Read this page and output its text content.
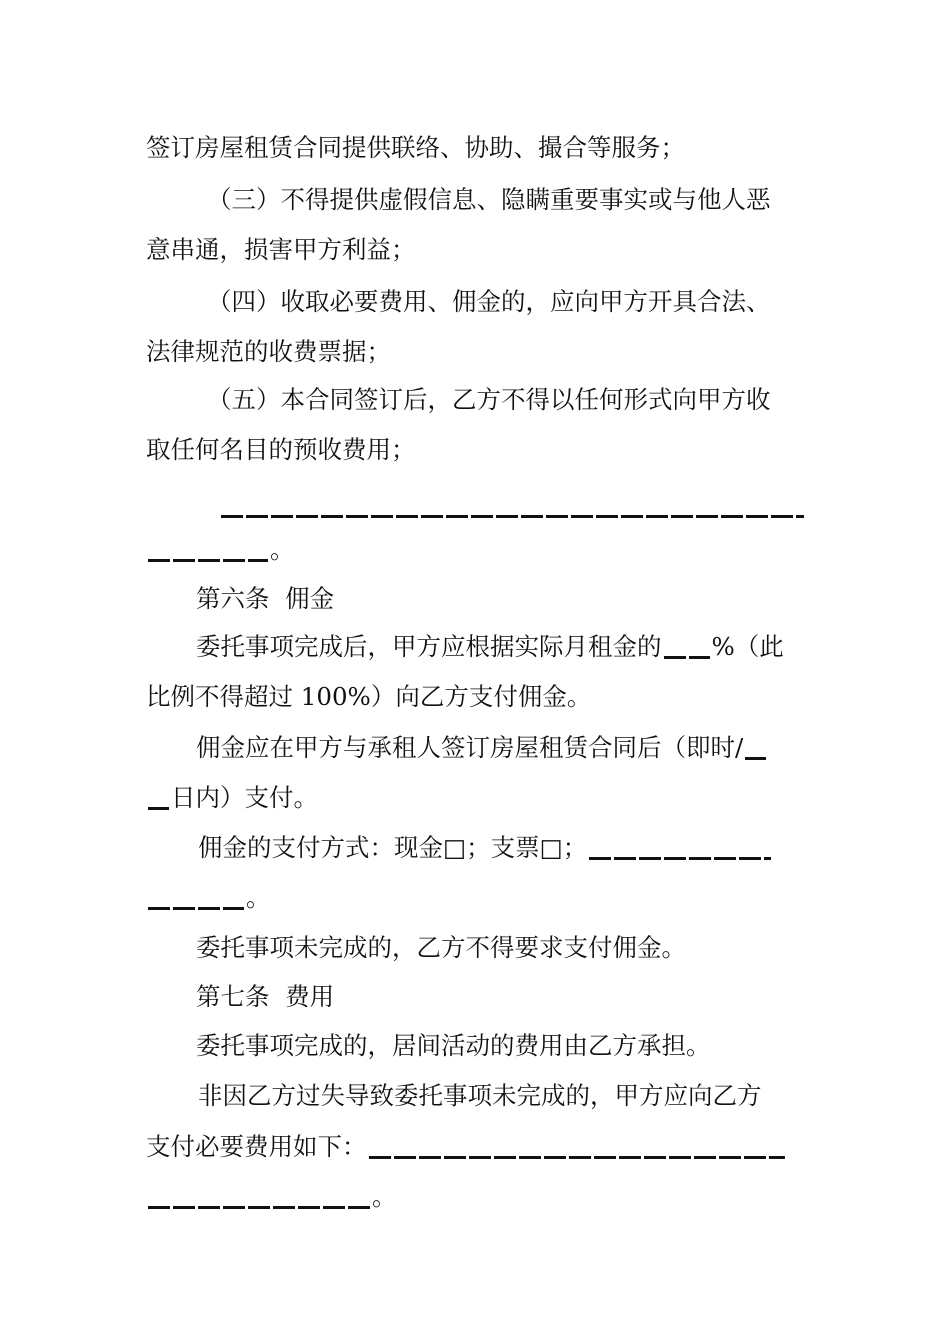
签订房屋租赁合同提供联络、协助、撮合等服务；
（三）不得提供虚假信息、隐瞒重要事实或与他人恶
意串通，损害甲方利益；
（四）收取必要费用、佣金的，应向甲方开具合法、
法律规范的收费票据；
（五）本合同签订后，乙方不得以任何形式向甲方收
取任何名目的预收费用；
。
第六条  佣金
委托事项完成后，甲方应根据实际月租金的 %（此
比例不得超过 100%）向乙方支付佣金。
佣金应在甲方与承租人签订房屋租赁合同后（即时/
日内）支付。
佣金的支付方式：现金□；支票□；
。
委托事项未完成的，乙方不得要求支付佣金。
第七条  费用
委托事项完成的，居间活动的费用由乙方承担。
非因乙方过失导致委托事项未完成的，甲方应向乙方
支付必要费用如下：
。
